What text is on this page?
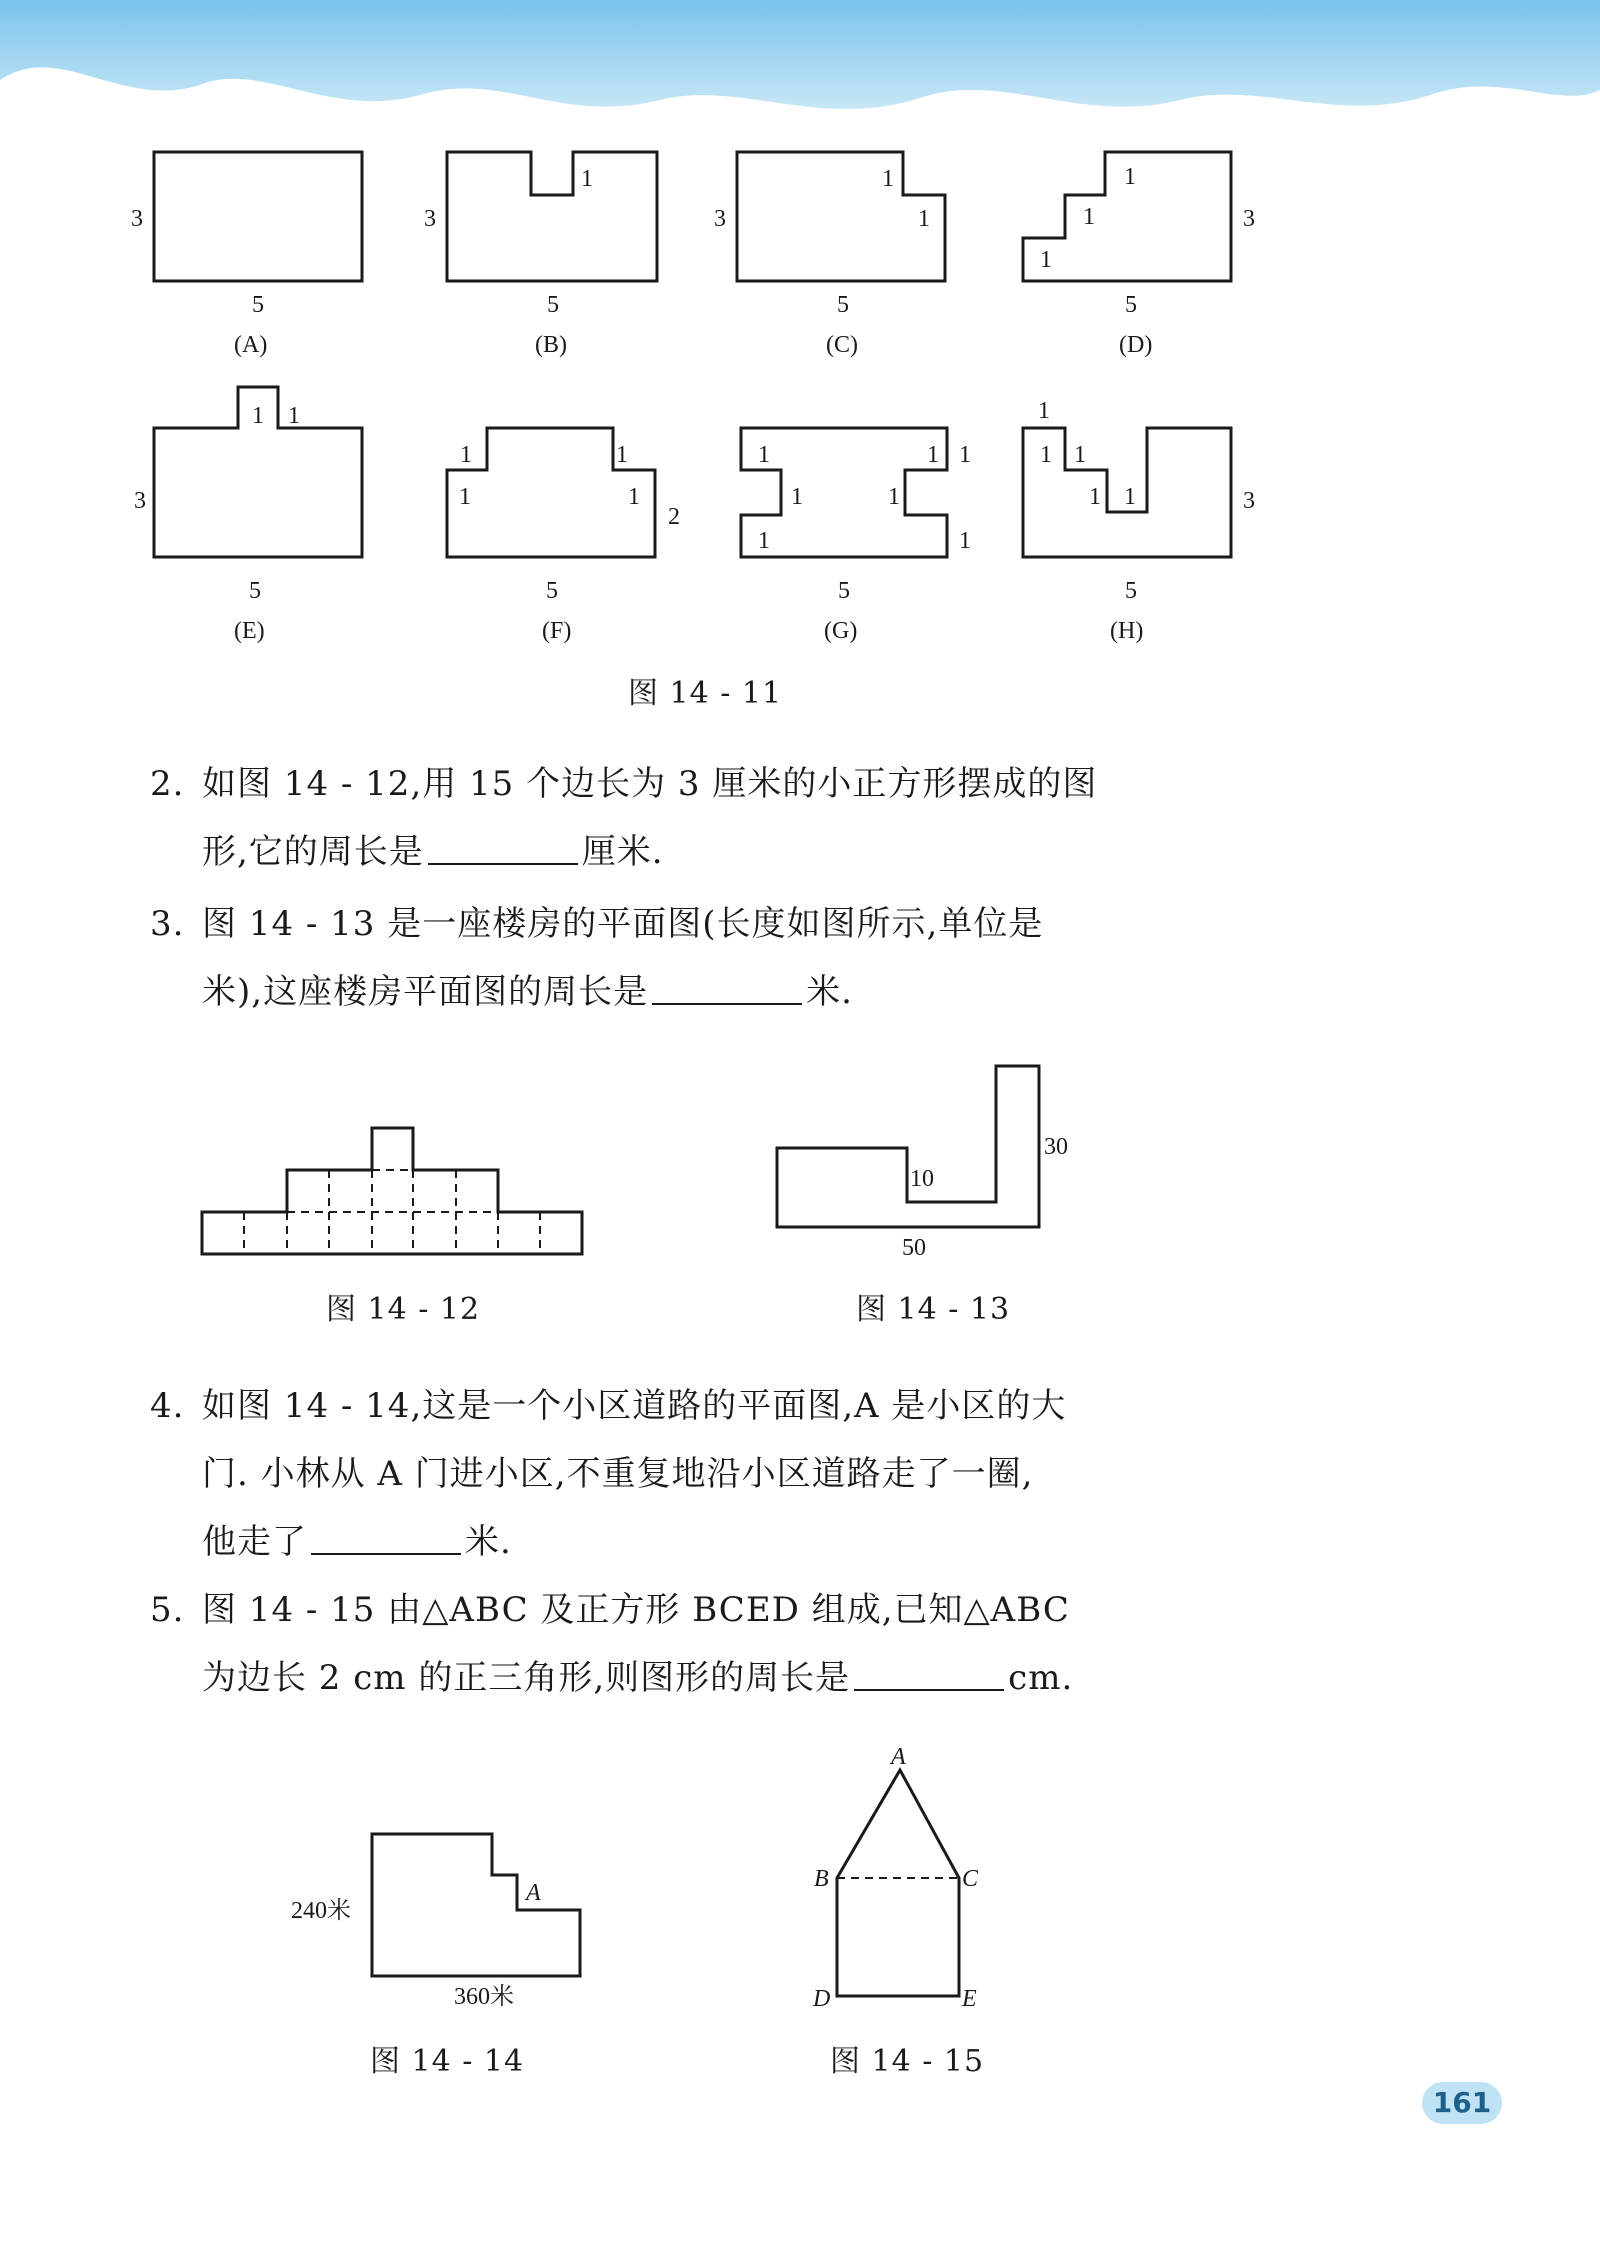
3
5
(A)
3
5
1
(B)
3
5
1
1
(C)
3
5
1
1
1
(D)
3
5
1 1
(E)
2
5
1
1
1
1
(F)
5
1	1 1
1	1
1	1
(G)
3
5
1
1 1
1 1
(H)
图 14 - 11
2. 如图 14 - 12,用 15 个边长为 3 厘米的小正方形摆成的图
形,它的周长是	厘米.
3. 图 14 - 13 是一座楼房的平面图(长度如图所示,单位是
米),这座楼房平面图的周长是	米.
图 14 - 12
10
30
50
图 14 - 13
4. 如图 14 - 14,这是一个小区道路的平面图,A 是小区的大
门. 小林从 A 门进小区,不重复地沿小区道路走了一圈,
他走了	米.
5. 图 14 - 15 由△ABC 及正方形 BCED 组成,已知△ABC
为边长 2 cm 的正三角形,则图形的周长是	cm.
240米
360米
A
图 14 - 14
A
B	C
D	E
图 14 - 15
161
